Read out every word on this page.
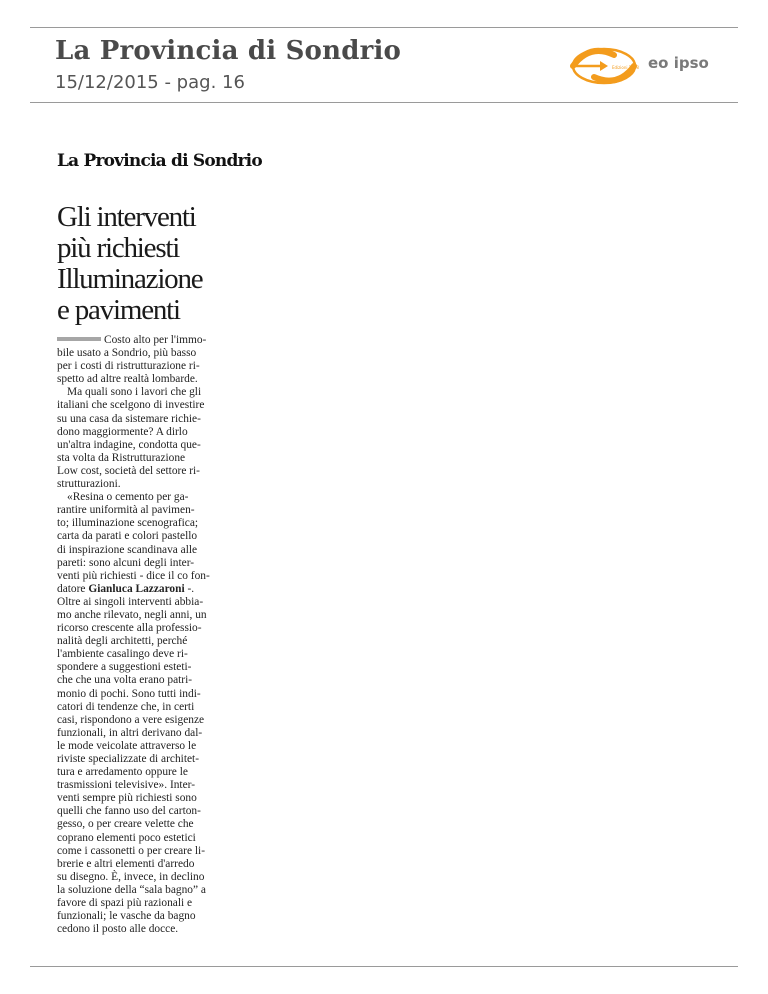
La Provincia di Sondrio
15/12/2015 - pag. 16
Edizioni 1998 eo ipso
La Provincia di Sondrio
Gli interventi
più richiesti
Illuminazione
e pavimenti
Costo alto per l'immo-
bile usato a Sondrio, più basso
per i costi di ristrutturazione ri-
spetto ad altre realtà lombarde.
Ma quali sono i lavori che gli
italiani che scelgono di investire
su una casa da sistemare richie-
dono maggiormente? A dirlo
un'altra indagine, condotta que-
sta volta da Ristrutturazione
Low cost, società del settore ri-
strutturazioni.
«Resina o cemento per ga-
rantire uniformità al pavimen-
to; illuminazione scenografica;
carta da parati e colori pastello
di inspirazione scandinava alle
pareti: sono alcuni degli inter-
venti più richiesti - dice il co fon-
datore Gianluca Lazzaroni -.
Oltre ai singoli interventi abbia-
mo anche rilevato, negli anni, un
ricorso crescente alla professio-
nalità degli architetti, perché
l'ambiente casalingo deve ri-
spondere a suggestioni esteti-
che che una volta erano patri-
monio di pochi. Sono tutti indi-
catori di tendenze che, in certi
casi, rispondono a vere esigenze
funzionali, in altri derivano dal-
le mode veicolate attraverso le
riviste specializzate di architet-
tura e arredamento oppure le
trasmissioni televisive». Inter-
venti sempre più richiesti sono
quelli che fanno uso del carton-
gesso, o per creare velette che
coprano elementi poco estetici
come i cassonetti o per creare li-
brerie e altri elementi d'arredo
su disegno. È, invece, in declino
la soluzione della “sala bagno” a
favore di spazi più razionali e
funzionali; le vasche da bagno
cedono il posto alle docce.
